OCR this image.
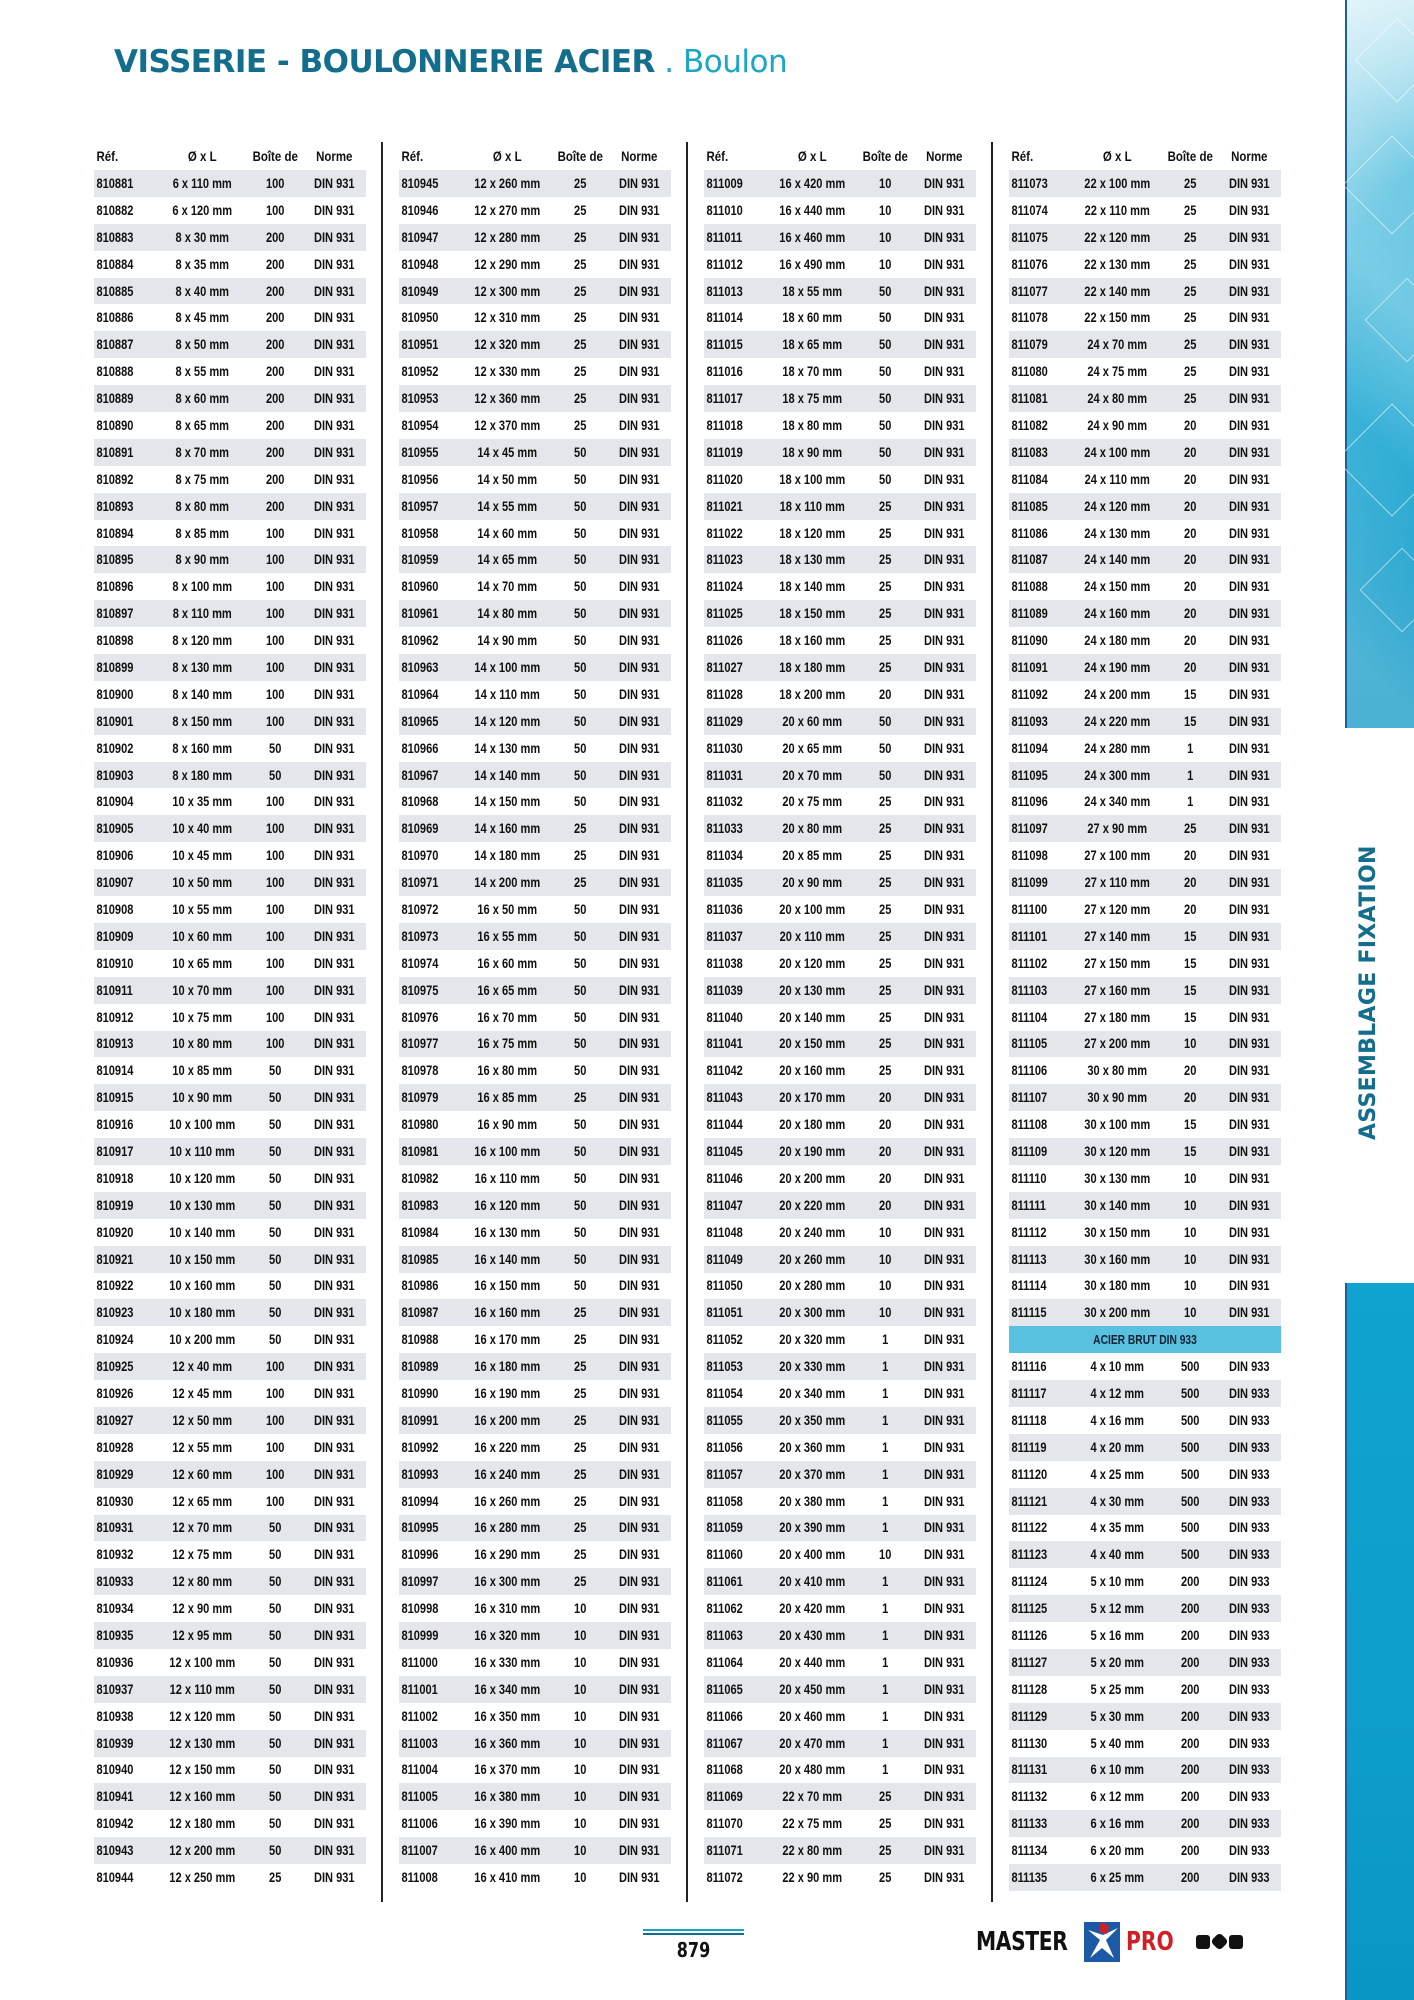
VISSERIE - BOULONNERIE ACIER . Boulon
ASSEMBLAGE FIXATION
Réf.	Ø x L	Boîte de	Norme
810881	6 x 110 mm	100	DIN 931
810882	6 x 120 mm	100	DIN 931
810883	8 x 30 mm	200	DIN 931
810884	8 x 35 mm	200	DIN 931
810885	8 x 40 mm	200	DIN 931
810886	8 x 45 mm	200	DIN 931
810887	8 x 50 mm	200	DIN 931
810888	8 x 55 mm	200	DIN 931
810889	8 x 60 mm	200	DIN 931
810890	8 x 65 mm	200	DIN 931
810891	8 x 70 mm	200	DIN 931
810892	8 x 75 mm	200	DIN 931
810893	8 x 80 mm	200	DIN 931
810894	8 x 85 mm	100	DIN 931
810895	8 x 90 mm	100	DIN 931
810896	8 x 100 mm	100	DIN 931
810897	8 x 110 mm	100	DIN 931
810898	8 x 120 mm	100	DIN 931
810899	8 x 130 mm	100	DIN 931
810900	8 x 140 mm	100	DIN 931
810901	8 x 150 mm	100	DIN 931
810902	8 x 160 mm	50	DIN 931
810903	8 x 180 mm	50	DIN 931
810904	10 x 35 mm	100	DIN 931
810905	10 x 40 mm	100	DIN 931
810906	10 x 45 mm	100	DIN 931
810907	10 x 50 mm	100	DIN 931
810908	10 x 55 mm	100	DIN 931
810909	10 x 60 mm	100	DIN 931
810910	10 x 65 mm	100	DIN 931
810911	10 x 70 mm	100	DIN 931
810912	10 x 75 mm	100	DIN 931
810913	10 x 80 mm	100	DIN 931
810914	10 x 85 mm	50	DIN 931
810915	10 x 90 mm	50	DIN 931
810916	10 x 100 mm	50	DIN 931
810917	10 x 110 mm	50	DIN 931
810918	10 x 120 mm	50	DIN 931
810919	10 x 130 mm	50	DIN 931
810920	10 x 140 mm	50	DIN 931
810921	10 x 150 mm	50	DIN 931
810922	10 x 160 mm	50	DIN 931
810923	10 x 180 mm	50	DIN 931
810924	10 x 200 mm	50	DIN 931
810925	12 x 40 mm	100	DIN 931
810926	12 x 45 mm	100	DIN 931
810927	12 x 50 mm	100	DIN 931
810928	12 x 55 mm	100	DIN 931
810929	12 x 60 mm	100	DIN 931
810930	12 x 65 mm	100	DIN 931
810931	12 x 70 mm	50	DIN 931
810932	12 x 75 mm	50	DIN 931
810933	12 x 80 mm	50	DIN 931
810934	12 x 90 mm	50	DIN 931
810935	12 x 95 mm	50	DIN 931
810936	12 x 100 mm	50	DIN 931
810937	12 x 110 mm	50	DIN 931
810938	12 x 120 mm	50	DIN 931
810939	12 x 130 mm	50	DIN 931
810940	12 x 150 mm	50	DIN 931
810941	12 x 160 mm	50	DIN 931
810942	12 x 180 mm	50	DIN 931
810943	12 x 200 mm	50	DIN 931
810944	12 x 250 mm	25	DIN 931
Réf.	Ø x L	Boîte de	Norme
810945	12 x 260 mm	25	DIN 931
810946	12 x 270 mm	25	DIN 931
810947	12 x 280 mm	25	DIN 931
810948	12 x 290 mm	25	DIN 931
810949	12 x 300 mm	25	DIN 931
810950	12 x 310 mm	25	DIN 931
810951	12 x 320 mm	25	DIN 931
810952	12 x 330 mm	25	DIN 931
810953	12 x 360 mm	25	DIN 931
810954	12 x 370 mm	25	DIN 931
810955	14 x 45 mm	50	DIN 931
810956	14 x 50 mm	50	DIN 931
810957	14 x 55 mm	50	DIN 931
810958	14 x 60 mm	50	DIN 931
810959	14 x 65 mm	50	DIN 931
810960	14 x 70 mm	50	DIN 931
810961	14 x 80 mm	50	DIN 931
810962	14 x 90 mm	50	DIN 931
810963	14 x 100 mm	50	DIN 931
810964	14 x 110 mm	50	DIN 931
810965	14 x 120 mm	50	DIN 931
810966	14 x 130 mm	50	DIN 931
810967	14 x 140 mm	50	DIN 931
810968	14 x 150 mm	50	DIN 931
810969	14 x 160 mm	25	DIN 931
810970	14 x 180 mm	25	DIN 931
810971	14 x 200 mm	25	DIN 931
810972	16 x 50 mm	50	DIN 931
810973	16 x 55 mm	50	DIN 931
810974	16 x 60 mm	50	DIN 931
810975	16 x 65 mm	50	DIN 931
810976	16 x 70 mm	50	DIN 931
810977	16 x 75 mm	50	DIN 931
810978	16 x 80 mm	50	DIN 931
810979	16 x 85 mm	25	DIN 931
810980	16 x 90 mm	50	DIN 931
810981	16 x 100 mm	50	DIN 931
810982	16 x 110 mm	50	DIN 931
810983	16 x 120 mm	50	DIN 931
810984	16 x 130 mm	50	DIN 931
810985	16 x 140 mm	50	DIN 931
810986	16 x 150 mm	50	DIN 931
810987	16 x 160 mm	25	DIN 931
810988	16 x 170 mm	25	DIN 931
810989	16 x 180 mm	25	DIN 931
810990	16 x 190 mm	25	DIN 931
810991	16 x 200 mm	25	DIN 931
810992	16 x 220 mm	25	DIN 931
810993	16 x 240 mm	25	DIN 931
810994	16 x 260 mm	25	DIN 931
810995	16 x 280 mm	25	DIN 931
810996	16 x 290 mm	25	DIN 931
810997	16 x 300 mm	25	DIN 931
810998	16 x 310 mm	10	DIN 931
810999	16 x 320 mm	10	DIN 931
811000	16 x 330 mm	10	DIN 931
811001	16 x 340 mm	10	DIN 931
811002	16 x 350 mm	10	DIN 931
811003	16 x 360 mm	10	DIN 931
811004	16 x 370 mm	10	DIN 931
811005	16 x 380 mm	10	DIN 931
811006	16 x 390 mm	10	DIN 931
811007	16 x 400 mm	10	DIN 931
811008	16 x 410 mm	10	DIN 931
Réf.	Ø x L	Boîte de	Norme
811009	16 x 420 mm	10	DIN 931
811010	16 x 440 mm	10	DIN 931
811011	16 x 460 mm	10	DIN 931
811012	16 x 490 mm	10	DIN 931
811013	18 x 55 mm	50	DIN 931
811014	18 x 60 mm	50	DIN 931
811015	18 x 65 mm	50	DIN 931
811016	18 x 70 mm	50	DIN 931
811017	18 x 75 mm	50	DIN 931
811018	18 x 80 mm	50	DIN 931
811019	18 x 90 mm	50	DIN 931
811020	18 x 100 mm	50	DIN 931
811021	18 x 110 mm	25	DIN 931
811022	18 x 120 mm	25	DIN 931
811023	18 x 130 mm	25	DIN 931
811024	18 x 140 mm	25	DIN 931
811025	18 x 150 mm	25	DIN 931
811026	18 x 160 mm	25	DIN 931
811027	18 x 180 mm	25	DIN 931
811028	18 x 200 mm	20	DIN 931
811029	20 x 60 mm	50	DIN 931
811030	20 x 65 mm	50	DIN 931
811031	20 x 70 mm	50	DIN 931
811032	20 x 75 mm	25	DIN 931
811033	20 x 80 mm	25	DIN 931
811034	20 x 85 mm	25	DIN 931
811035	20 x 90 mm	25	DIN 931
811036	20 x 100 mm	25	DIN 931
811037	20 x 110 mm	25	DIN 931
811038	20 x 120 mm	25	DIN 931
811039	20 x 130 mm	25	DIN 931
811040	20 x 140 mm	25	DIN 931
811041	20 x 150 mm	25	DIN 931
811042	20 x 160 mm	25	DIN 931
811043	20 x 170 mm	20	DIN 931
811044	20 x 180 mm	20	DIN 931
811045	20 x 190 mm	20	DIN 931
811046	20 x 200 mm	20	DIN 931
811047	20 x 220 mm	20	DIN 931
811048	20 x 240 mm	10	DIN 931
811049	20 x 260 mm	10	DIN 931
811050	20 x 280 mm	10	DIN 931
811051	20 x 300 mm	10	DIN 931
811052	20 x 320 mm	1	DIN 931
811053	20 x 330 mm	1	DIN 931
811054	20 x 340 mm	1	DIN 931
811055	20 x 350 mm	1	DIN 931
811056	20 x 360 mm	1	DIN 931
811057	20 x 370 mm	1	DIN 931
811058	20 x 380 mm	1	DIN 931
811059	20 x 390 mm	1	DIN 931
811060	20 x 400 mm	10	DIN 931
811061	20 x 410 mm	1	DIN 931
811062	20 x 420 mm	1	DIN 931
811063	20 x 430 mm	1	DIN 931
811064	20 x 440 mm	1	DIN 931
811065	20 x 450 mm	1	DIN 931
811066	20 x 460 mm	1	DIN 931
811067	20 x 470 mm	1	DIN 931
811068	20 x 480 mm	1	DIN 931
811069	22 x 70 mm	25	DIN 931
811070	22 x 75 mm	25	DIN 931
811071	22 x 80 mm	25	DIN 931
811072	22 x 90 mm	25	DIN 931
Réf.	Ø x L	Boîte de	Norme
811073	22 x 100 mm	25	DIN 931
811074	22 x 110 mm	25	DIN 931
811075	22 x 120 mm	25	DIN 931
811076	22 x 130 mm	25	DIN 931
811077	22 x 140 mm	25	DIN 931
811078	22 x 150 mm	25	DIN 931
811079	24 x 70 mm	25	DIN 931
811080	24 x 75 mm	25	DIN 931
811081	24 x 80 mm	25	DIN 931
811082	24 x 90 mm	20	DIN 931
811083	24 x 100 mm	20	DIN 931
811084	24 x 110 mm	20	DIN 931
811085	24 x 120 mm	20	DIN 931
811086	24 x 130 mm	20	DIN 931
811087	24 x 140 mm	20	DIN 931
811088	24 x 150 mm	20	DIN 931
811089	24 x 160 mm	20	DIN 931
811090	24 x 180 mm	20	DIN 931
811091	24 x 190 mm	20	DIN 931
811092	24 x 200 mm	15	DIN 931
811093	24 x 220 mm	15	DIN 931
811094	24 x 280 mm	1	DIN 931
811095	24 x 300 mm	1	DIN 931
811096	24 x 340 mm	1	DIN 931
811097	27 x 90 mm	25	DIN 931
811098	27 x 100 mm	20	DIN 931
811099	27 x 110 mm	20	DIN 931
811100	27 x 120 mm	20	DIN 931
811101	27 x 140 mm	15	DIN 931
811102	27 x 150 mm	15	DIN 931
811103	27 x 160 mm	15	DIN 931
811104	27 x 180 mm	15	DIN 931
811105	27 x 200 mm	10	DIN 931
811106	30 x 80 mm	20	DIN 931
811107	30 x 90 mm	20	DIN 931
811108	30 x 100 mm	15	DIN 931
811109	30 x 120 mm	15	DIN 931
811110	30 x 130 mm	10	DIN 931
811111	30 x 140 mm	10	DIN 931
811112	30 x 150 mm	10	DIN 931
811113	30 x 160 mm	10	DIN 931
811114	30 x 180 mm	10	DIN 931
811115	30 x 200 mm	10	DIN 931
ACIER BRUT DIN 933
811116	4 x 10 mm	500	DIN 933
811117	4 x 12 mm	500	DIN 933
811118	4 x 16 mm	500	DIN 933
811119	4 x 20 mm	500	DIN 933
811120	4 x 25 mm	500	DIN 933
811121	4 x 30 mm	500	DIN 933
811122	4 x 35 mm	500	DIN 933
811123	4 x 40 mm	500	DIN 933
811124	5 x 10 mm	200	DIN 933
811125	5 x 12 mm	200	DIN 933
811126	5 x 16 mm	200	DIN 933
811127	5 x 20 mm	200	DIN 933
811128	5 x 25 mm	200	DIN 933
811129	5 x 30 mm	200	DIN 933
811130	5 x 40 mm	200	DIN 933
811131	6 x 10 mm	200	DIN 933
811132	6 x 12 mm	200	DIN 933
811133	6 x 16 mm	200	DIN 933
811134	6 x 20 mm	200	DIN 933
811135	6 x 25 mm	200	DIN 933
879	MASTER PRO
